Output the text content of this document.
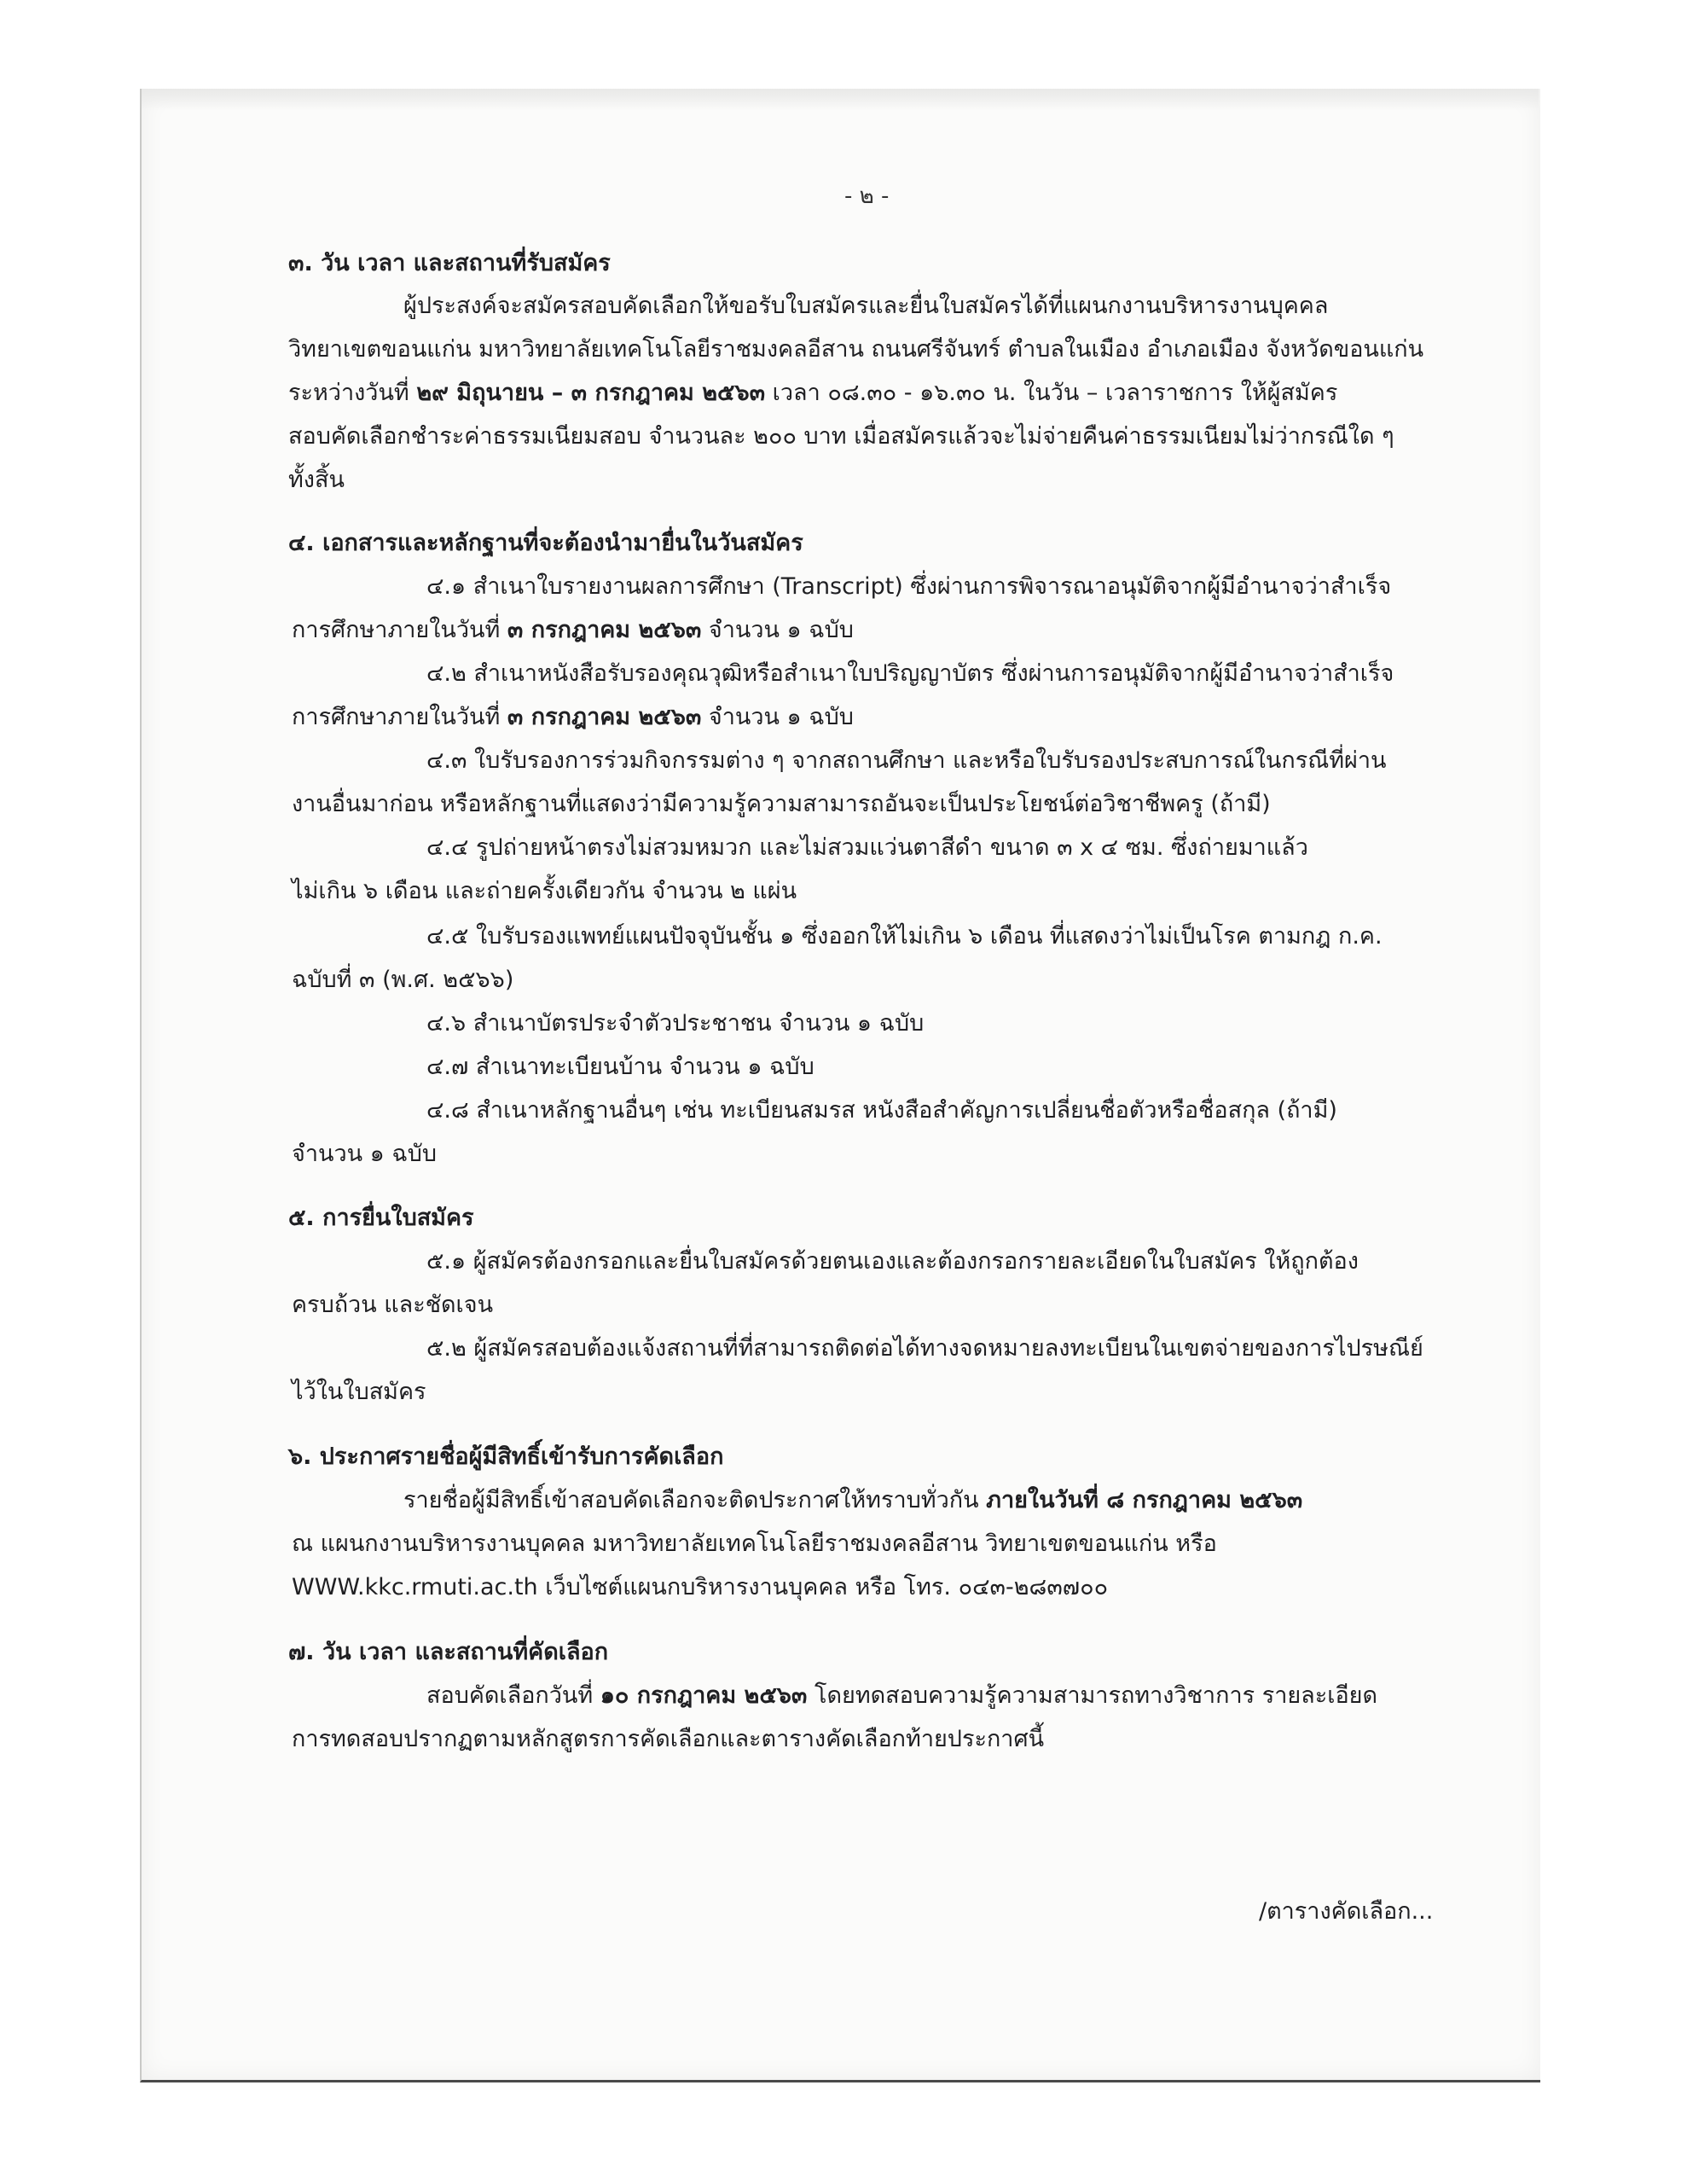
- ๒ -
๓. วัน เวลา และสถานที่รับสมัคร
ผู้ประสงค์จะสมัครสอบคัดเลือกให้ขอรับใบสมัครและยื่นใบสมัครได้ที่แผนกงานบริหารงานบุคคล
วิทยาเขตขอนแก่น มหาวิทยาลัยเทคโนโลยีราชมงคลอีสาน ถนนศรีจันทร์ ตำบลในเมือง อำเภอเมือง จังหวัดขอนแก่น
ระหว่างวันที่ ๒๙ มิถุนายน – ๓ กรกฎาคม ๒๕๖๓ เวลา ๐๘.๓๐ - ๑๖.๓๐ น. ในวัน – เวลาราชการ ให้ผู้สมัคร
สอบคัดเลือกชำระค่าธรรมเนียมสอบ จำนวนละ ๒๐๐ บาท เมื่อสมัครแล้วจะไม่จ่ายคืนค่าธรรมเนียมไม่ว่ากรณีใด ๆ
ทั้งสิ้น
๔. เอกสารและหลักฐานที่จะต้องนำมายื่นในวันสมัคร
๔.๑ สำเนาใบรายงานผลการศึกษา (Transcript) ซึ่งผ่านการพิจารณาอนุมัติจากผู้มีอำนาจว่าสำเร็จ
การศึกษาภายในวันที่ ๓ กรกฎาคม ๒๕๖๓ จำนวน ๑ ฉบับ
๔.๒ สำเนาหนังสือรับรองคุณวุฒิหรือสำเนาใบปริญญาบัตร ซึ่งผ่านการอนุมัติจากผู้มีอำนาจว่าสำเร็จ
การศึกษาภายในวันที่ ๓ กรกฎาคม ๒๕๖๓ จำนวน ๑ ฉบับ
๔.๓ ใบรับรองการร่วมกิจกรรมต่าง ๆ จากสถานศึกษา และหรือใบรับรองประสบการณ์ในกรณีที่ผ่าน
งานอื่นมาก่อน หรือหลักฐานที่แสดงว่ามีความรู้ความสามารถอันจะเป็นประโยชน์ต่อวิชาชีพครู (ถ้ามี)
๔.๔ รูปถ่ายหน้าตรงไม่สวมหมวก และไม่สวมแว่นตาสีดำ ขนาด ๓ x ๔ ซม. ซึ่งถ่ายมาแล้ว
ไม่เกิน ๖ เดือน และถ่ายครั้งเดียวกัน จำนวน ๒ แผ่น
๔.๕ ใบรับรองแพทย์แผนปัจจุบันชั้น ๑ ซึ่งออกให้ไม่เกิน ๖ เดือน ที่แสดงว่าไม่เป็นโรค ตามกฎ ก.ค.
ฉบับที่ ๓ (พ.ศ. ๒๕๖๖)
๔.๖ สำเนาบัตรประจำตัวประชาชน จำนวน ๑ ฉบับ
๔.๗ สำเนาทะเบียนบ้าน จำนวน ๑ ฉบับ
๔.๘ สำเนาหลักฐานอื่นๆ เช่น ทะเบียนสมรส หนังสือสำคัญการเปลี่ยนชื่อตัวหรือชื่อสกุล (ถ้ามี)
จำนวน ๑ ฉบับ
๕. การยื่นใบสมัคร
๕.๑ ผู้สมัครต้องกรอกและยื่นใบสมัครด้วยตนเองและต้องกรอกรายละเอียดในใบสมัคร ให้ถูกต้อง
ครบถ้วน และชัดเจน
๕.๒ ผู้สมัครสอบต้องแจ้งสถานที่ที่สามารถติดต่อได้ทางจดหมายลงทะเบียนในเขตจ่ายของการไปรษณีย์
ไว้ในใบสมัคร
๖. ประกาศรายชื่อผู้มีสิทธิ์เข้ารับการคัดเลือก
รายชื่อผู้มีสิทธิ์เข้าสอบคัดเลือกจะติดประกาศให้ทราบทั่วกัน ภายในวันที่ ๘ กรกฎาคม ๒๕๖๓
ณ แผนกงานบริหารงานบุคคล มหาวิทยาลัยเทคโนโลยีราชมงคลอีสาน วิทยาเขตขอนแก่น หรือ
WWW.kkc.rmuti.ac.th เว็บไซต์แผนกบริหารงานบุคคล หรือ โทร. ๐๔๓-๒๘๓๗๐๐
๗. วัน เวลา และสถานที่คัดเลือก
สอบคัดเลือกวันที่ ๑๐ กรกฎาคม ๒๕๖๓ โดยทดสอบความรู้ความสามารถทางวิชาการ รายละเอียด
การทดสอบปรากฏตามหลักสูตรการคัดเลือกและตารางคัดเลือกท้ายประกาศนี้
/ตารางคัดเลือก...
